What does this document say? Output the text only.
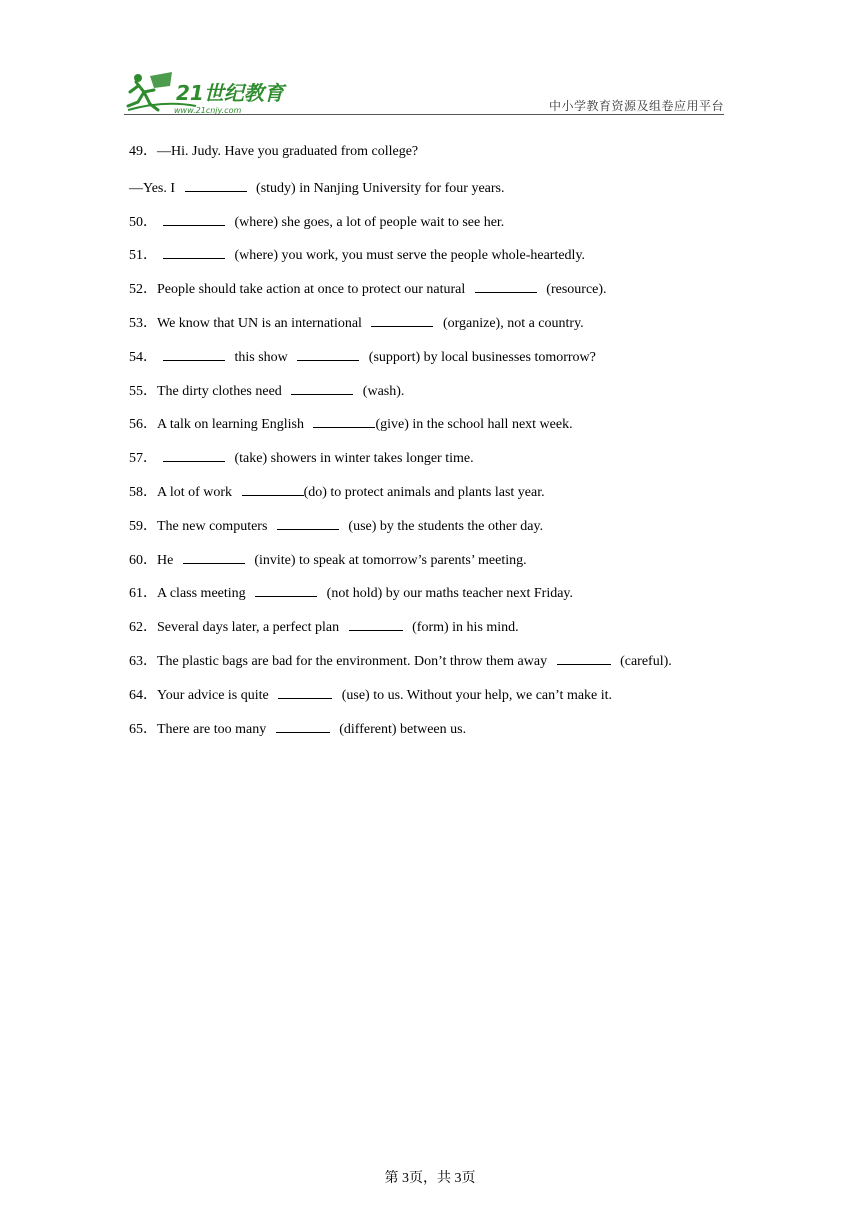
21世纪教育
www.21cnjy.com	中小学教育资源及组卷应用平台
49．—Hi. Judy. Have you graduated from college?
—Yes. I	(study) in Nanjing University for four years.
50．	(where) she goes, a lot of people wait to see her.
51．	(where) you work, you must serve the people whole-heartedly.
52．People should take action at once to protect our natural	(resource).
53．We know that UN is an international	(organize), not a country.
54．	this show	(support) by local businesses tomorrow?
55．The dirty clothes need	(wash).
56．A talk on learning English	(give) in the school hall next week.
57．	(take) showers in winter takes longer time.
58．A lot of work	(do) to protect animals and plants last year.
59．The new computers	(use) by the students the other day.
60．He	(invite) to speak at tomorrow’s parents’ meeting.
61．A class meeting	(not hold) by our maths teacher next Friday.
62．Several days later, a perfect plan	(form) in his mind.
63．The plastic bags are bad for the environment. Don’t throw them away	(careful).
64．Your advice is quite	(use) to us. Without your help, we can’t make it.
65．There are too many	(different) between us.
第 3页，共 3页
